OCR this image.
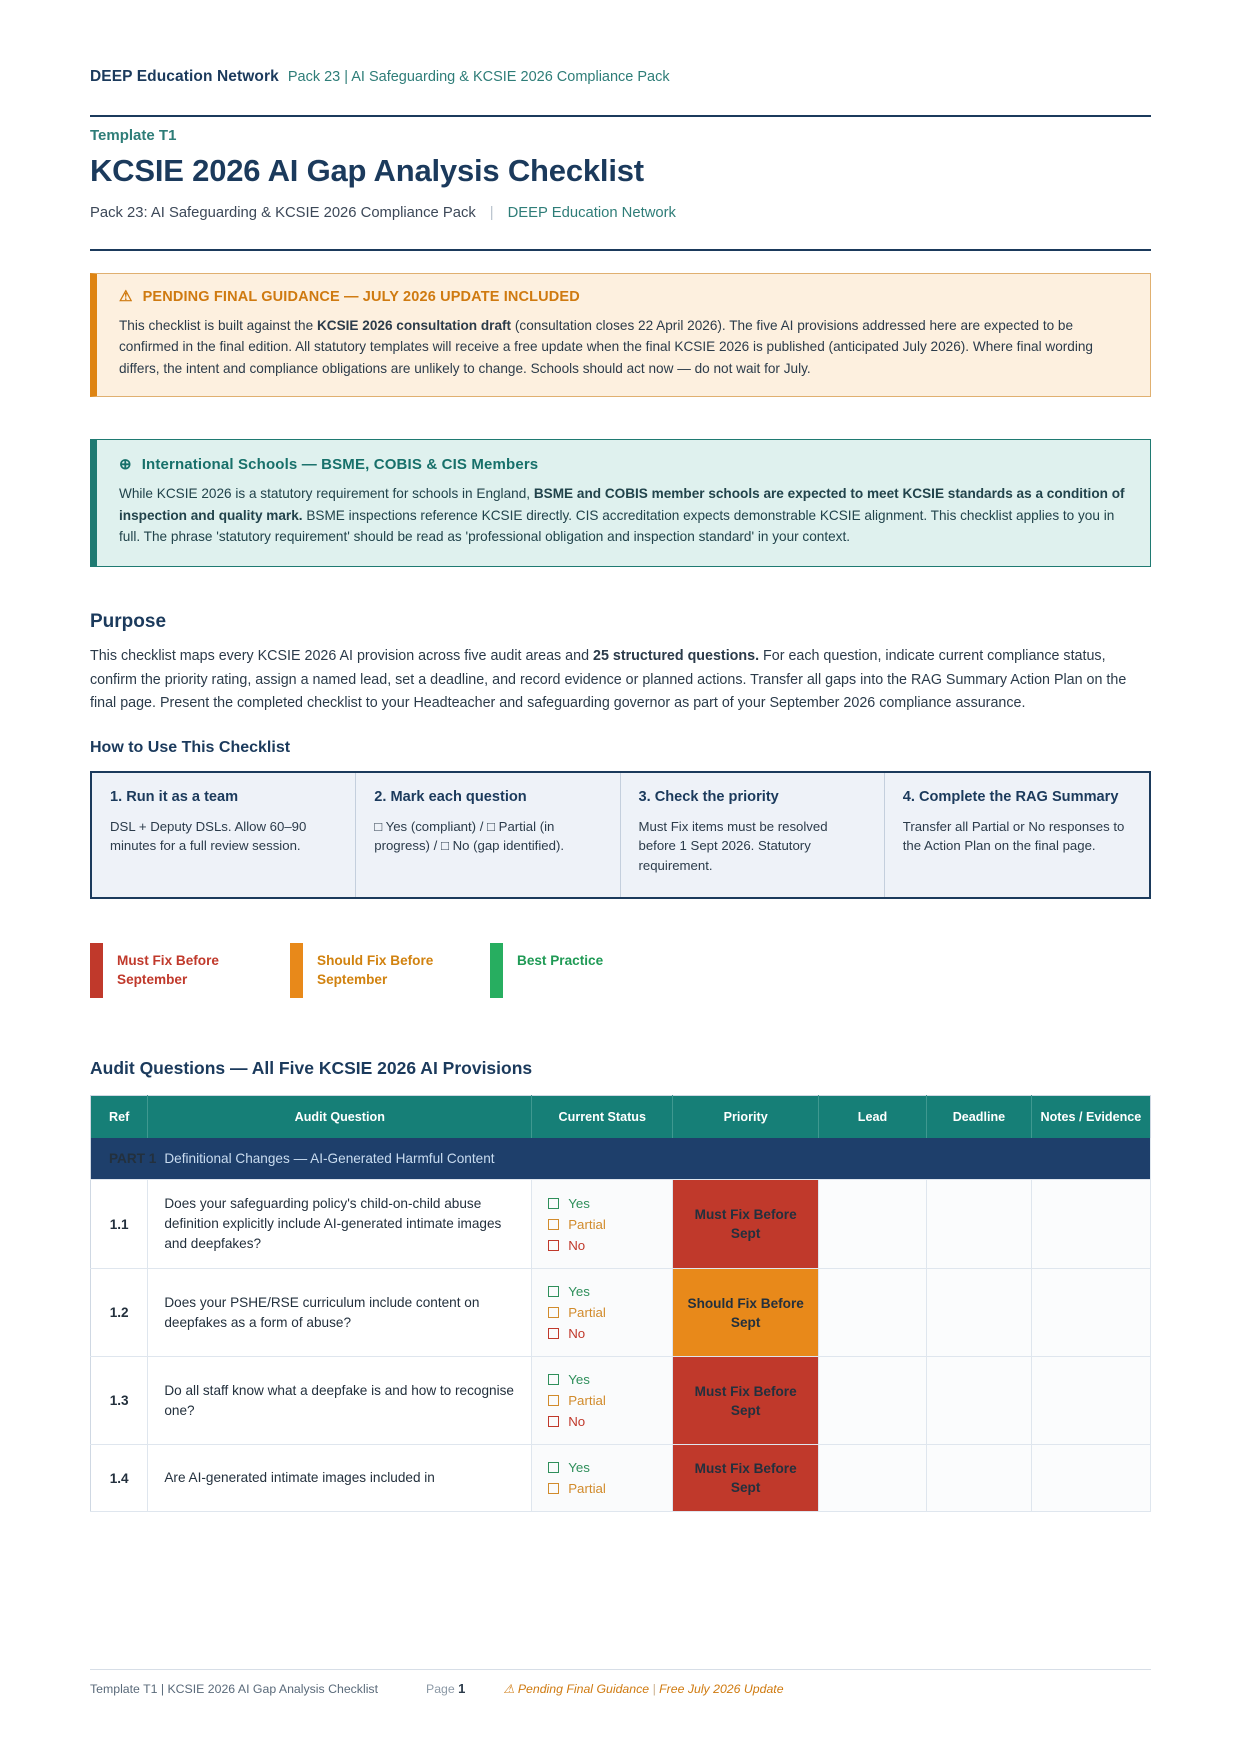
DEEP Education Network Pack 23 | AI Safeguarding & KCSIE 2026 Compliance Pack
Template T1
KCSIE 2026 AI Gap Analysis Checklist
Pack 23: AI Safeguarding & KCSIE 2026 Compliance Pack | DEEP Education Network
⚠ PENDING FINAL GUIDANCE — JULY 2026 UPDATE INCLUDED
This checklist is built against the KCSIE 2026 consultation draft (consultation closes 22 April 2026). The five AI provisions addressed here are expected to be confirmed in the final edition. All statutory templates will receive a free update when the final KCSIE 2026 is published (anticipated July 2026). Where final wording differs, the intent and compliance obligations are unlikely to change. Schools should act now — do not wait for July.
⊕ International Schools — BSME, COBIS & CIS Members
While KCSIE 2026 is a statutory requirement for schools in England, BSME and COBIS member schools are expected to meet KCSIE standards as a condition of inspection and quality mark. BSME inspections reference KCSIE directly. CIS accreditation expects demonstrable KCSIE alignment. This checklist applies to you in full. The phrase 'statutory requirement' should be read as 'professional obligation and inspection standard' in your context.
Purpose

This checklist maps every KCSIE 2026 AI provision across five audit areas and 25 structured questions. For each question, indicate current compliance status, confirm the priority rating, assign a named lead, set a deadline, and record evidence or planned actions. Transfer all gaps into the RAG Summary Action Plan on the final page. Present the completed checklist to your Headteacher and safeguarding governor as part of your September 2026 compliance assurance.

How to Use This Checklist
1. Run it as a team
DSL + Deputy DSLs. Allow 60–90 minutes for a full review session.
2. Mark each question
□ Yes (compliant) / □ Partial (in progress) / □ No (gap identified).
3. Check the priority
Must Fix items must be resolved before 1 Sept 2026. Statutory requirement.
4. Complete the RAG Summary
Transfer all Partial or No responses to the Action Plan on the final page.
Must Fix Before September
Should Fix Before September
Best Practice
Audit Questions — All Five KCSIE 2026 AI Provisions
Ref	Audit Question	Current Status	Priority	Lead	Deadline	Notes / Evidence
PART 1 Definitional Changes — AI-Generated Harmful Content						
1.1	Does your safeguarding policy's child-on-child abuse definition explicitly include AI-generated intimate images and deepfakes?	Yes
Partial
No	Must Fix Before Sept			
1.2	Does your PSHE/RSE curriculum include content on deepfakes as a form of abuse?	Yes
Partial
No	Should Fix Before Sept			
1.3	Do all staff know what a deepfake is and how to recognise one?	Yes
Partial
No	Must Fix Before Sept			
1.4	Are AI-generated intimate images included in	Yes
Partial	Must Fix Before Sept			
Template T1 | KCSIE 2026 AI Gap Analysis Checklist	Page 1	⚠ Pending Final Guidance | Free July 2026 Update
